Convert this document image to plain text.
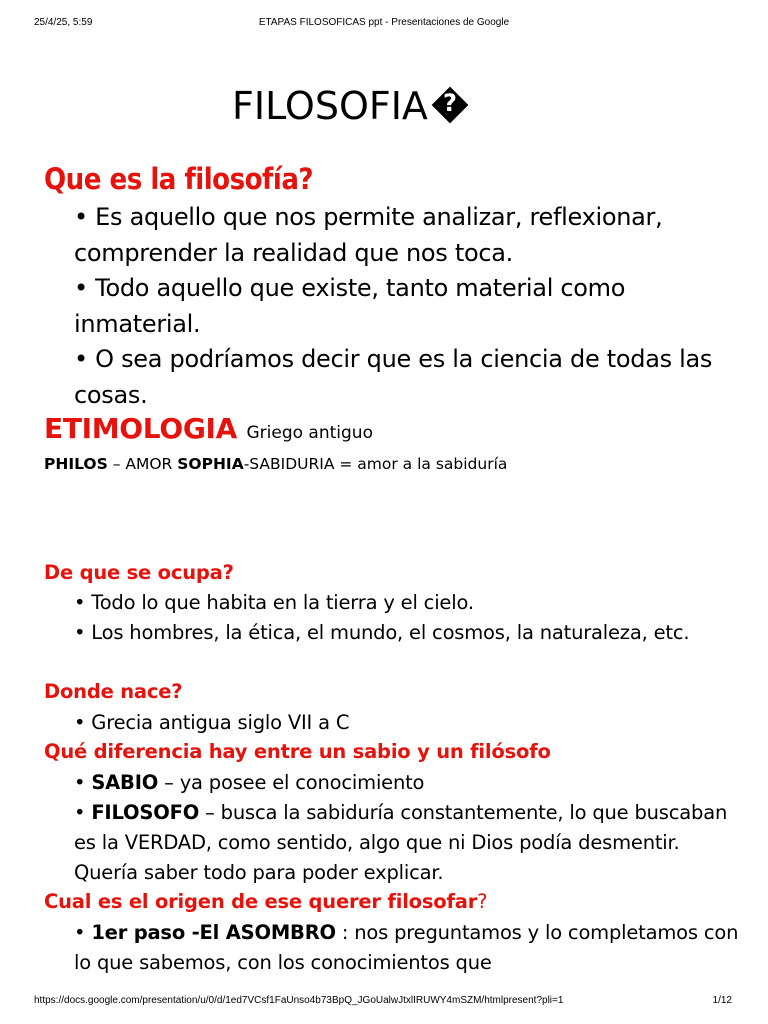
25/4/25, 5:59	ETAPAS FILOSOFICAS ppt - Presentaciones de Google
FILOSOFIA ?
Que es la filosofía?

• Es aquello que nos permite analizar, reflexionar, comprender la realidad que nos toca.

• Todo aquello que existe, tanto material como inmaterial.

• O sea podríamos decir que es la ciencia de todas las cosas.

ETIMOLOGIA Griego antiguo
PHILOS – AMOR SOPHIA-SABIDURIA = amor a la sabiduría
De que se ocupa?

• Todo lo que habita en la tierra y el cielo.

• Los hombres, la ética, el mundo, el cosmos, la naturaleza, etc.

Donde nace?

• Grecia antigua siglo VII a C

Qué diferencia hay entre un sabio y un filósofo

• SABIO – ya posee el conocimiento

• FILOSOFO – busca la sabiduría constantemente, lo que buscaban es la VERDAD, como sentido, algo que ni Dios podía desmentir. Quería saber todo para poder explicar.

Cual es el origen de ese querer filosofar?

• 1er paso -El ASOMBRO : nos preguntamos y lo completamos con lo que sabemos, con los conocimientos que

https://docs.google.com/presentation/u/0/d/1ed7VCsf1FaUnso4b73BpQ_JGoUalwJtxlIRUWY4mSZM/htmlpresent?pli=1	1/12
